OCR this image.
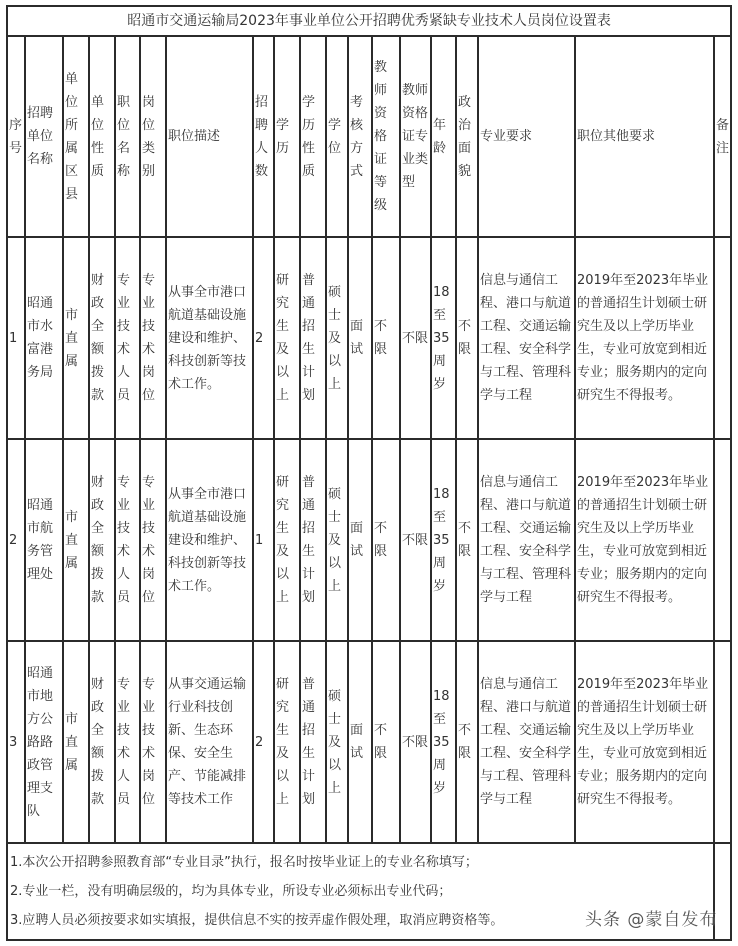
昭通市交通运输局2023年事业单位公开招聘优秀紧缺专业技术人员岗位设置表																		
序号	招聘单位名称	单位所属区县	单位性质	职位名称	岗位类别	职位描述	招聘人数	学历	学历性质	学位	考核方式	教师资格证等级	教师资格证专业类型	年龄	政治面貌	专业要求	职位其他要求	备注
1	昭通市水富港务局	市直属	财政全额拨款	专业技术人员	专业技术岗位	从事全市港口航道基础设施建设和维护、科技创新等技术工作。	2	研究生及以上	普通招生计划	硕士及以上	面试	不限	不限	18至35周岁	不限	信息与通信工程、港口与航道工程、交通运输工程、安全科学与工程、管理科学与工程	2019年至2023年毕业的普通招生计划硕士研究生及以上学历毕业生，专业可放宽到相近专业；服务期内的定向研究生不得报考。	
2	昭通市航务管理处	市直属	财政全额拨款	专业技术人员	专业技术岗位	从事全市港口航道基础设施建设和维护、科技创新等技术工作。	1	研究生及以上	普通招生计划	硕士及以上	面试	不限	不限	18至35周岁	不限	信息与通信工程、港口与航道工程、交通运输工程、安全科学与工程、管理科学与工程	2019年至2023年毕业的普通招生计划硕士研究生及以上学历毕业生，专业可放宽到相近专业；服务期内的定向研究生不得报考。	
3	昭通市地方公路路政管理支队	市直属	财政全额拨款	专业技术人员	专业技术岗位	从事交通运输行业科技创新、生态环保、安全生产、节能减排等技术工作	2	研究生及以上	普通招生计划	硕士及以上	面试	不限	不限	18至35周岁	不限	信息与通信工程、港口与航道工程、交通运输工程、安全科学与工程、管理科学与工程	2019年至2023年毕业的普通招生计划硕士研究生及以上学历毕业生，专业可放宽到相近专业；服务期内的定向研究生不得报考。	

1.本次公开招聘参照教育部“专业目录”执行，报名时按毕业证上的专业名称填写；
2.专业一栏，没有明确层级的，均为具体专业，所设专业必须标出专业代码；
3.应聘人员必须按要求如实填报，提供信息不实的按弄虚作假处理，取消应聘资格等。																		
		头条 @蒙自发布
